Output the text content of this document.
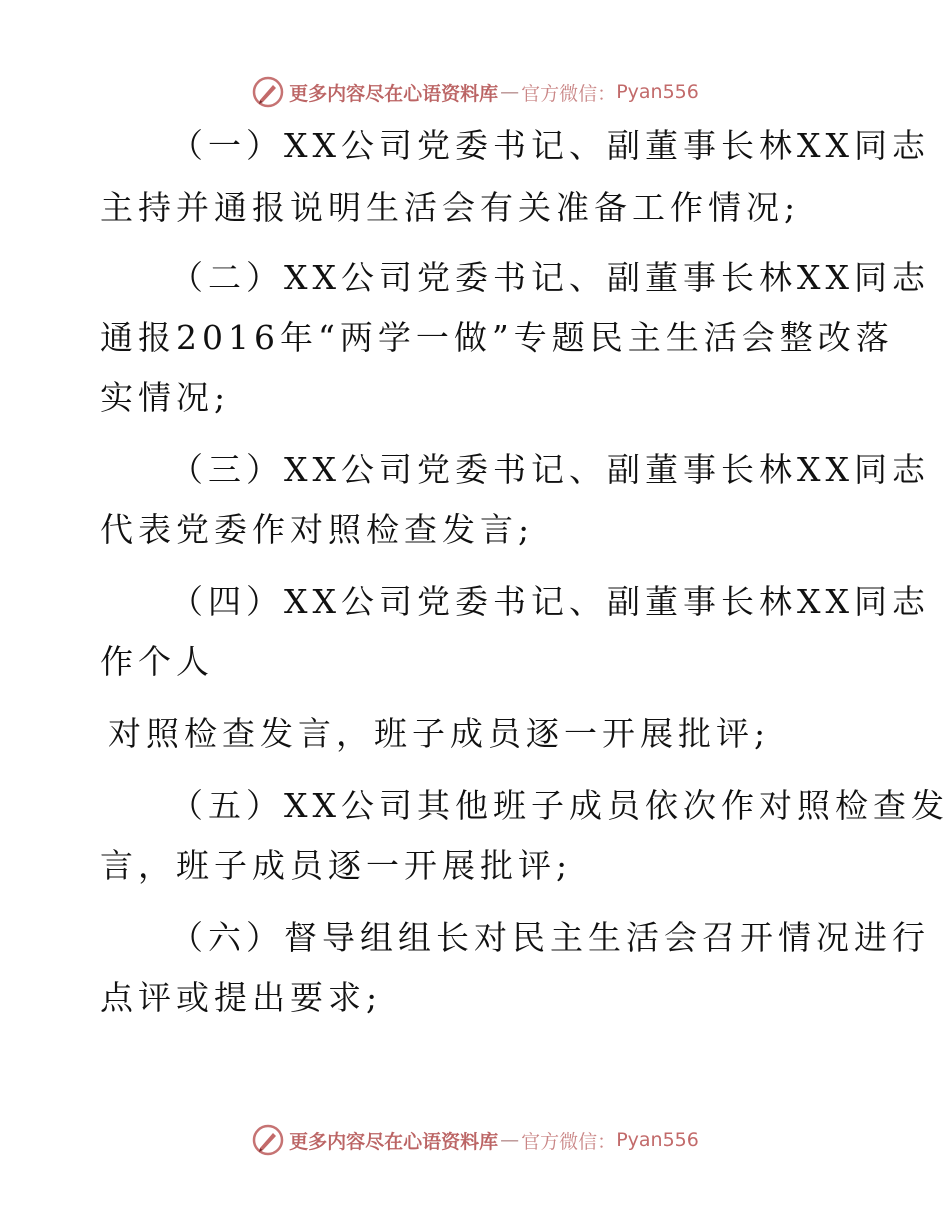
更多内容尽在心语资料库 — 官方微信： Pyan556
（一）XX公司党委书记、副董事长林XX同志
主持并通报说明生活会有关准备工作情况;
（二）XX公司党委书记、副董事长林XX同志
通报2016年“两学一做”专题民主生活会整改落
实情况;
（三）XX公司党委书记、副董事长林XX同志
代表党委作对照检查发言;
（四）XX公司党委书记、副董事长林XX同志
作个人
对照检查发言，班子成员逐一开展批评;
（五）XX公司其他班子成员依次作对照检查发
言，班子成员逐一开展批评;
（六）督导组组长对民主生活会召开情况进行
点评或提出要求;
更多内容尽在心语资料库 — 官方微信： Pyan556
